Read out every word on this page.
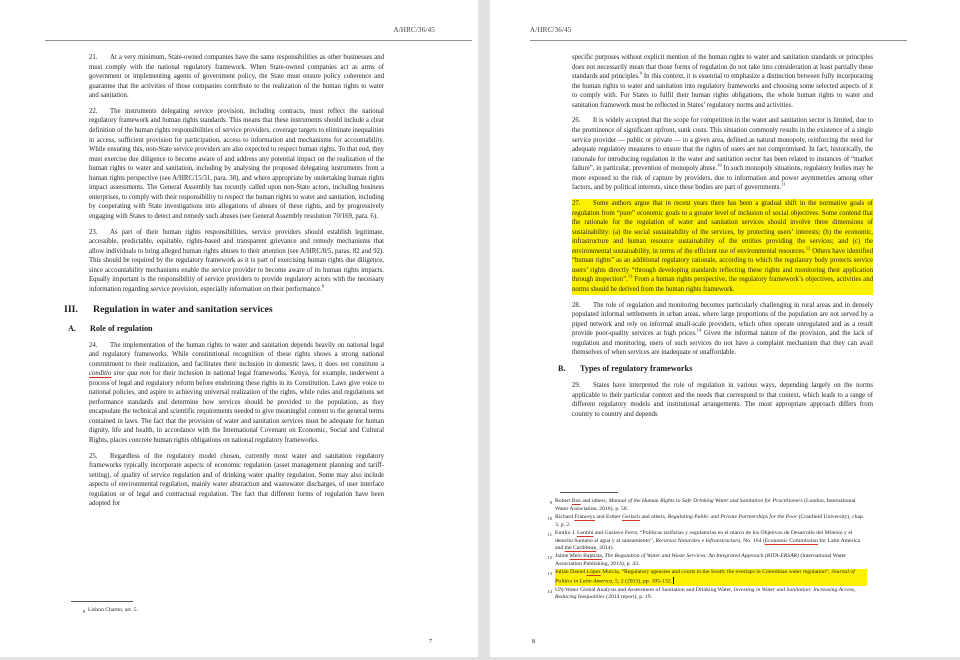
A/HRC/36/45
21. At a very minimum, State-owned companies have the same responsibilities as other businesses and must comply with the national regulatory framework. When State-owned companies act as arms of government or implementing agents of government policy, the State must ensure policy coherence and guarantee that the activities of those companies contribute to the realization of the human rights to water and sanitation.
22. The instruments delegating service provision, including contracts, must reflect the national regulatory framework and human rights standards. This means that these instruments should include a clear definition of the human rights responsibilities of service providers, coverage targets to eliminate inequalities in access, sufficient provision for participation, access to information and mechanisms for accountability. While ensuring this, non-State service providers are also expected to respect human rights. To that end, they must exercise due diligence to become aware of and address any potential impact on the realization of the human rights to water and sanitation, including by analysing the proposed delegating instruments from a human rights perspective (see A/HRC/15/31, para. 38), and where appropriate by undertaking human rights impact assessments. The General Assembly has recently called upon non-State actors, including business enterprises, to comply with their responsibility to respect the human rights to water and sanitation, including by cooperating with State investigations into allegations of abuses of these rights, and by progressively engaging with States to detect and remedy such abuses (see General Assembly resolution 70/169, para. 6).
23. As part of their human rights responsibilities, service providers should establish legitimate, accessible, predictable, equitable, rights-based and transparent grievance and remedy mechanisms that allow individuals to bring alleged human rights abuses to their attention (see A/HRC/8/5, paras. 82 and 92). This should be required by the regulatory framework as it is part of exercising human rights due diligence, since accountability mechanisms enable the service provider to become aware of its human rights impacts. Equally important is the responsibility of service providers to provide regulatory actors with the necessary information regarding service provision, especially information on their performance.$^8$
III.	Regulation in water and sanitation services
A.	Role of regulation
24. The implementation of the human rights to water and sanitation depends heavily on national legal and regulatory frameworks. While constitutional recognition of these rights shows a strong national commitment to their realization, and facilitates their inclusion in domestic laws, it does not constitute a conditio sine qua non for their inclusion in national legal frameworks. Kenya, for example, underwent a process of legal and regulatory reform before enshrining these rights in its Constitution. Laws give voice to national policies, and aspire to achieving universal realization of the rights, while rules and regulations set performance standards and determine how services should be provided to the population, as they encapsulate the technical and scientific requirements needed to give meaningful content to the general terms contained in laws. The fact that the provision of water and sanitation services must be adequate for human dignity, life and health, in accordance with the International Covenant on Economic, Social and Cultural Rights, places concrete human rights obligations on national regulatory frameworks.
25. Regardless of the regulatory model chosen, currently most water and sanitation regulatory frameworks typically incorporate aspects of economic regulation (asset management planning and tariff-setting), of quality of service regulation and of drinking water quality regulation. Some may also include aspects of environmental regulation, mainly water abstraction and wastewater discharges, of user interface regulation or of legal and contractual regulation. The fact that different forms of regulation have been adopted for
8 Lisbon Charter, art. 5.
7
A/HRC/36/45
specific purposes without explicit mention of the human rights to water and sanitation standards or principles does not necessarily mean that those forms of regulation do not take into consideration at least partially these standards and principles.$^9$ In this context, it is essential to emphasize a distinction between fully incorporating the human rights to water and sanitation into regulatory frameworks and choosing some selected aspects of it to comply with. For States to fulfil their human rights obligations, the whole human rights to water and sanitation framework must be reflected in States’ regulatory norms and activities.
26. It is widely accepted that the scope for competition in the water and sanitation sector is limited, due to the prominence of significant upfront, sunk costs. This situation commonly results in the existence of a single service provider — public or private — in a given area, defined as natural monopoly, reinforcing the need for adequate regulatory measures to ensure that the rights of users are not compromised. In fact, historically, the rationale for introducing regulation in the water and sanitation sector has been related to instances of “market failure”, in particular, prevention of monopoly abuse.$^{10}$ In such monopoly situations, regulatory bodies may be more exposed to the risk of capture by providers, due to information and power asymmetries among other factors, and by political interests, since these bodies are part of governments.$^{11}$
27. Some authors argue that in recent years there has been a gradual shift in the normative goals of regulation from “pure” economic goals to a greater level of inclusion of social objectives. Some contend that the rationale for the regulation of water and sanitation services should involve three dimensions of sustainability: (a) the social sustainability of the services, by protecting users’ interests; (b) the economic, infrastructure and human resource sustainability of the entities providing the services; and (c) the environmental sustainability, in terms of the efficient use of environmental resources.$^{12}$ Others have identified “human rights” as an additional regulatory rationale, according to which the regulatory body protects service users’ rights directly “through developing standards reflecting these rights and monitoring their application through inspection”.$^{13}$ From a human rights perspective, the regulatory framework’s objectives, activities and norms should be derived from the human rights framework.
28. The role of regulation and monitoring becomes particularly challenging in rural areas and in densely populated informal settlements in urban areas, where large proportions of the population are not served by a piped network and rely on informal small-scale providers, which often operate unregulated and as a result provide poor-quality services at high prices.$^{14}$ Given the informal nature of the provision, and the lack of regulation and monitoring, users of such services do not have a complaint mechanism that they can avail themselves of when services are inadequate or unaffordable.
B.	Types of regulatory frameworks
29. States have interpreted the role of regulation in various ways, depending largely on the norms applicable to their particular context and the needs that correspond to that context, which leads to a range of different regulatory models and institutional arrangements. The most appropriate approach differs from country to country and depends
9 Robert Bos and others, Manual of the Human Rights to Safe Drinking Water and Sanitation for Practitioners (London, International Water Association, 2016), p. 58.
10 Richard Franceys and Esther Gerlach and others, Regulating Public and Private Partnerships for the Poor (Cranfield University), chap. 3, p. 2.
11 Emilio J. Lentini and Gustavo Ferro, “Políticas tarifarias y regulatorias en el marco de los Objetivos de Desarrollo del Milenio y el derecho humano al agua y al saneamiento”, Recursos Naturales e Infraestructura, No. 164 (Economic Commission for Latin America and the Caribbean, 2014).
12 Jaime Melo Baptista, The Regulation of Water and Waste Services: An Integrated Approach (RITA-ERSAR) (International Water Association Publishing, 2014), p. 43.
13 Julián Daniel López Murcia, “Regulatory agencies and courts in the South: the overlaps in Colombian water regulation”, Journal of Politics in Latin America, 5, 2 (2013), pp. 105-132.
14 UN-Water Global Analysis and Assessment of Sanitation and Drinking Water, Investing in Water and Sanitation: Increasing Access, Reducing Inequalities (2014 report), p. 19.
8
